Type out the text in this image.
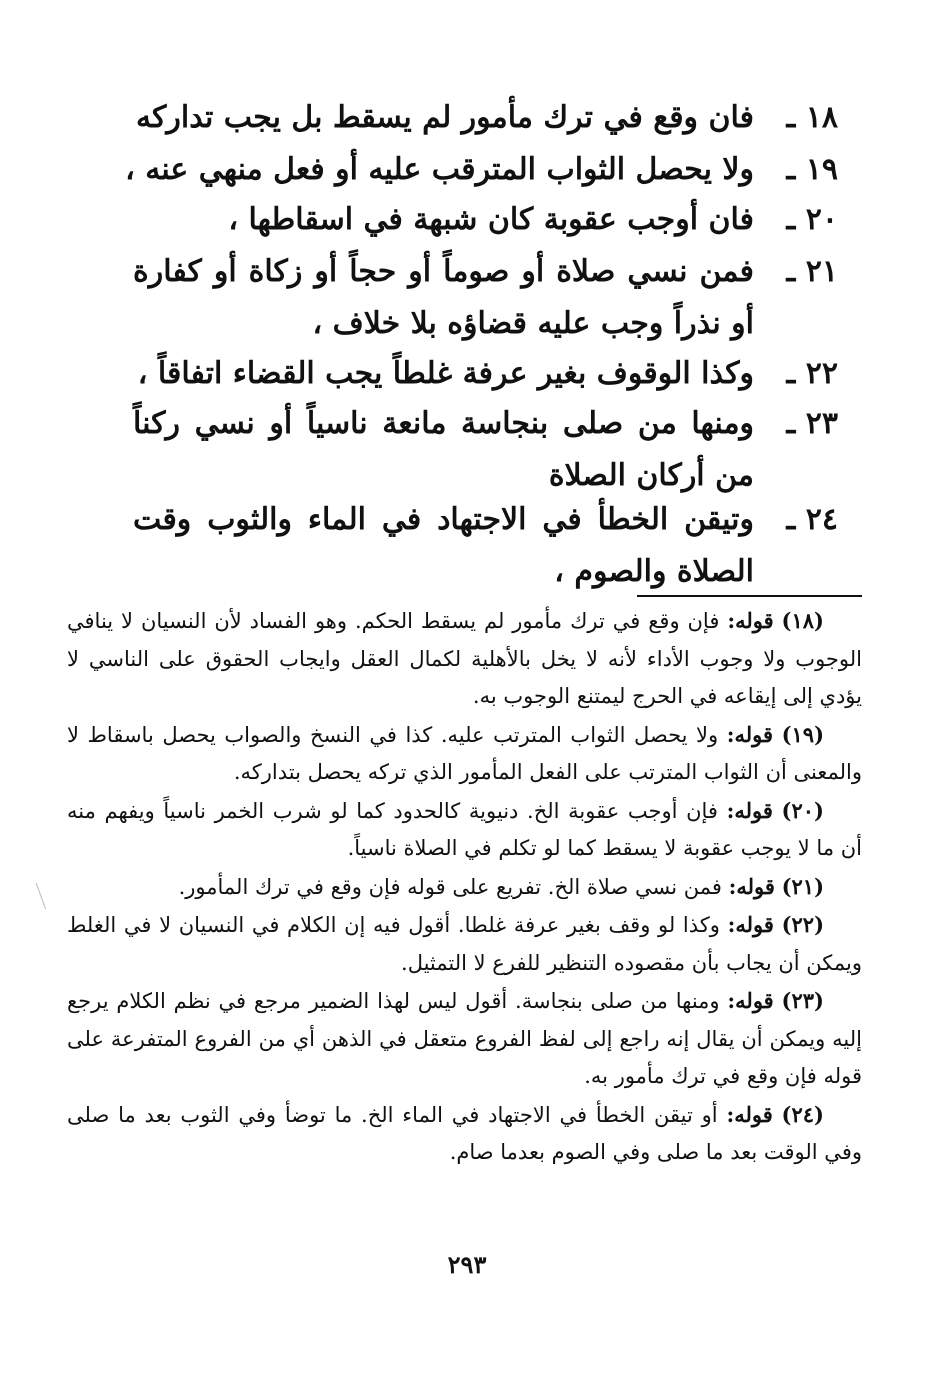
١٨ ـفان وقع في ترك مأمور لم يسقط بل يجب تداركه
١٩ ـولا يحصل الثواب المترقب عليه أو فعل منهي عنه ،
٢٠ ـفان أوجب عقوبة كان شبهة في اسقاطها ،
٢١ ـ
فمن نسي صلاة أو صوماً أو حجاً أو زكاة أو كفارة أو نذراً وجب عليه قضاؤه بلا خلاف ،
٢٢ ـوكذا الوقوف بغير عرفة غلطاً يجب القضاء اتفاقاً ،
٢٣ ـ
ومنها من صلى بنجاسة مانعة ناسياً أو نسي ركناً من أركان الصلاة
٢٤ ـ
وتيقن الخطأ في الاجتهاد في الماء والثوب وقت الصلاة والصوم ،

(١٨) قوله: فإن وقع في ترك مأمور لم يسقط الحكم. وهو الفساد لأن النسيان لا ينافي الوجوب ولا وجوب الأداء لأنه لا يخل بالأهلية لكمال العقل وايجاب الحقوق على الناسي لا يؤدي إلى إيقاعه في الحرج ليمتنع الوجوب به.

(١٩) قوله: ولا يحصل الثواب المترتب عليه. كذا في النسخ والصواب يحصل باسقاط لا والمعنى أن الثواب المترتب على الفعل المأمور الذي تركه يحصل بتداركه.

(٢٠) قوله: فإن أوجب عقوبة الخ. دنيوية كالحدود كما لو شرب الخمر ناسياً ويفهم منه أن ما لا يوجب عقوبة لا يسقط كما لو تكلم في الصلاة ناسياً.

(٢١) قوله: فمن نسي صلاة الخ. تفريع على قوله فإن وقع في ترك المأمور.

(٢٢) قوله: وكذا لو وقف بغير عرفة غلطا. أقول فيه إن الكلام في النسيان لا في الغلط ويمكن أن يجاب بأن مقصوده التنظير للفرع لا التمثيل.

(٢٣) قوله: ومنها من صلى بنجاسة. أقول ليس لهذا الضمير مرجع في نظم الكلام يرجع إليه ويمكن أن يقال إنه راجع إلى لفظ الفروع متعقل في الذهن أي من الفروع المتفرعة على قوله فإن وقع في ترك مأمور به.

(٢٤) قوله: أو تيقن الخطأ في الاجتهاد في الماء الخ. ما توضأ وفي الثوب بعد ما صلى وفي الوقت بعد ما صلى وفي الصوم بعدما صام.

٢٩٣
